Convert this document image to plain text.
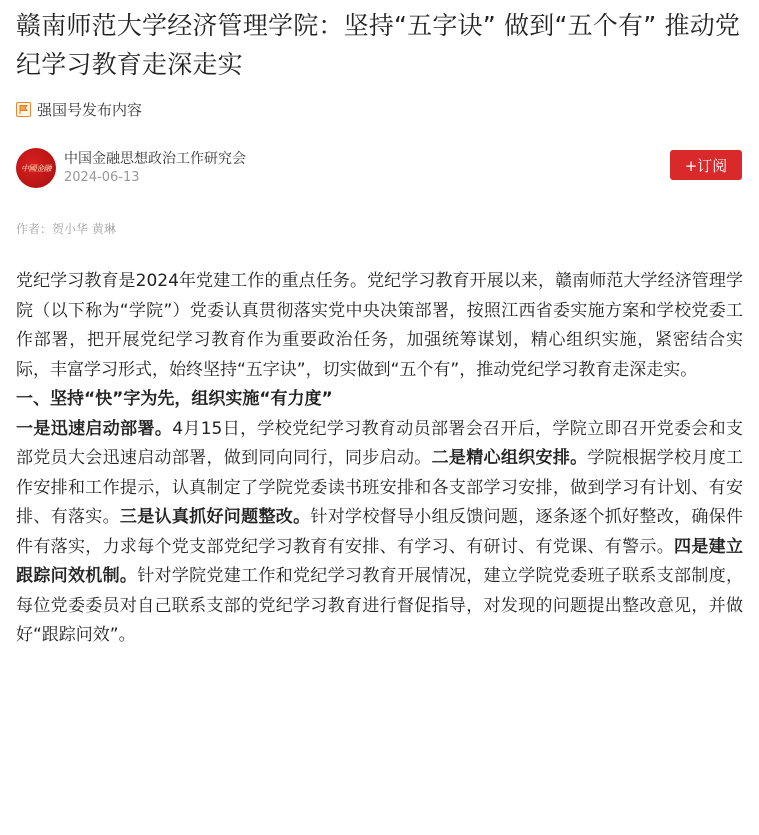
赣南师范大学经济管理学院：坚持“五字诀” 做到“五个有” 推动党纪学习教育走深走实
强国号发布内容
中國金融
中国金融思想政治工作研究会
2024-06-13
+订阅
作者：贺小华 黄琳

党纪学习教育是2024年党建工作的重点任务。党纪学习教育开展以来，赣南师范大学经济管理学院（以下称为“学院”）党委认真贯彻落实党中央决策部署，按照江西省委实施方案和学校党委工作部署，把开展党纪学习教育作为重要政治任务，加强统筹谋划，精心组织实施，紧密结合实际，丰富学习形式，始终坚持“五字诀”，切实做到“五个有”，推动党纪学习教育走深走实。

一、坚持“快”字为先，组织实施“有力度”

一是迅速启动部署。4月15日，学校党纪学习教育动员部署会召开后，学院立即召开党委会和支部党员大会迅速启动部署，做到同向同行，同步启动。二是精心组织安排。学院根据学校月度工作安排和工作提示，认真制定了学院党委读书班安排和各支部学习安排，做到学习有计划、有安排、有落实。三是认真抓好问题整改。针对学校督导小组反馈问题，逐条逐个抓好整改，确保件件有落实，力求每个党支部党纪学习教育有安排、有学习、有研讨、有党课、有警示。四是建立跟踪问效机制。针对学院党建工作和党纪学习教育开展情况，建立学院党委班子联系支部制度，每位党委委员对自己联系支部的党纪学习教育进行督促指导，对发现的问题提出整改意见，并做好“跟踪问效”。
